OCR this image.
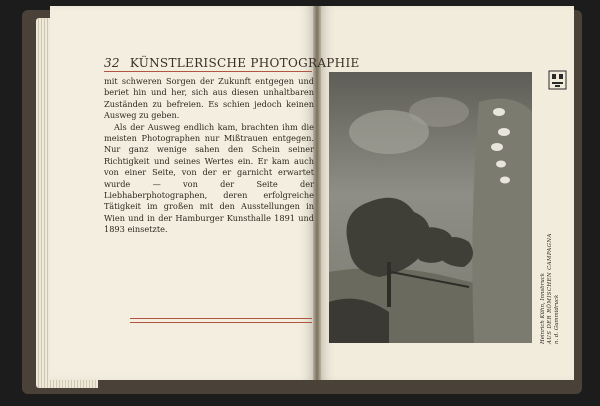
32 KÜNSTLERISCHE PHOTOGRAPHIE

mit schweren Sorgen der Zukunft entgegen und beriet hin und her, sich aus diesen unhaltbaren Zuständen zu befreien. Es schien jedoch keinen Ausweg zu geben.

Als der Ausweg endlich kam, brachten ihm die meisten Photographen nur Mißtrauen entgegen. Nur ganz wenige sahen den Schein seiner Richtigkeit und seines Wertes ein. Er kam auch von einer Seite, von der er garnicht erwartet wurde — von der Seite der Liebhaberphotographen, deren erfolgreiche Tätigkeit im großen mit den Ausstellungen in Wien und in der Hamburger Kunsthalle 1891 und 1893 einsetzte.

Heinrich Kühn, Innsbruck AUS DER RÖMISCHEN CAMPAGNA n. d. Gummidruck
